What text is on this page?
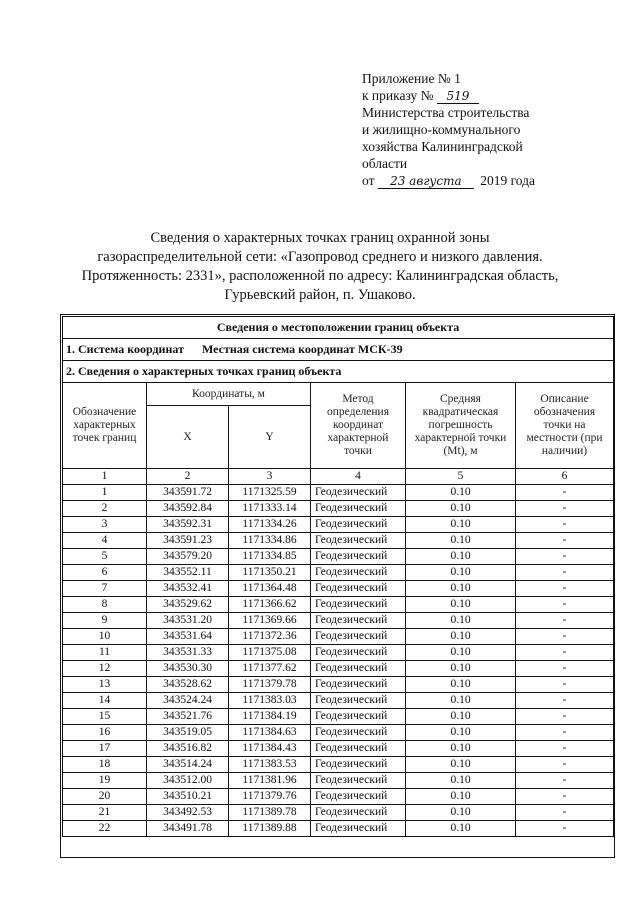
Приложение № 1
к приказу № 519
Министерства строительства
и жилищно-коммунального
хозяйства Калининградской
области
от 23 августа 2019 года
Сведения о характерных точках границ охранной зоны
газораспределительной сети: «Газопровод среднего и низкого давления.
Протяженность: 2331», расположенной по адресу: Калининградская область,
Гурьевский район, п. Ушаково.
Сведения о местоположении границ объекта					
1. Система координат Местная система координат МСК-39					
2. Сведения о характерных точках границ объекта					
Обозначение характерных точек границ	Координаты, м		Метод определения координат характерной точки	Средняя квадратическая погрешность характерной точки (Mt), м	Описание обозначения точки на местности (при наличии)
	X	Y			
1	2	3	4	5	6
1	343591.72	1171325.59	Геодезический	0.10	-
2	343592.84	1171333.14	Геодезический	0.10	-
3	343592.31	1171334.26	Геодезический	0.10	-
4	343591.23	1171334.86	Геодезический	0.10	-
5	343579.20	1171334.85	Геодезический	0.10	-
6	343552.11	1171350.21	Геодезический	0.10	-
7	343532.41	1171364.48	Геодезический	0.10	-
8	343529.62	1171366.62	Геодезический	0.10	-
9	343531.20	1171369.66	Геодезический	0.10	-
10	343531.64	1171372.36	Геодезический	0.10	-
11	343531.33	1171375.08	Геодезический	0.10	-
12	343530.30	1171377.62	Геодезический	0.10	-
13	343528.62	1171379.78	Геодезический	0.10	-
14	343524.24	1171383.03	Геодезический	0.10	-
15	343521.76	1171384.19	Геодезический	0.10	-
16	343519.05	1171384.63	Геодезический	0.10	-
17	343516.82	1171384.43	Геодезический	0.10	-
18	343514.24	1171383.53	Геодезический	0.10	-
19	343512.00	1171381.96	Геодезический	0.10	-
20	343510.21	1171379.76	Геодезический	0.10	-
21	343492.53	1171389.78	Геодезический	0.10	-
22	343491.78	1171389.88	Геодезический	0.10	-
